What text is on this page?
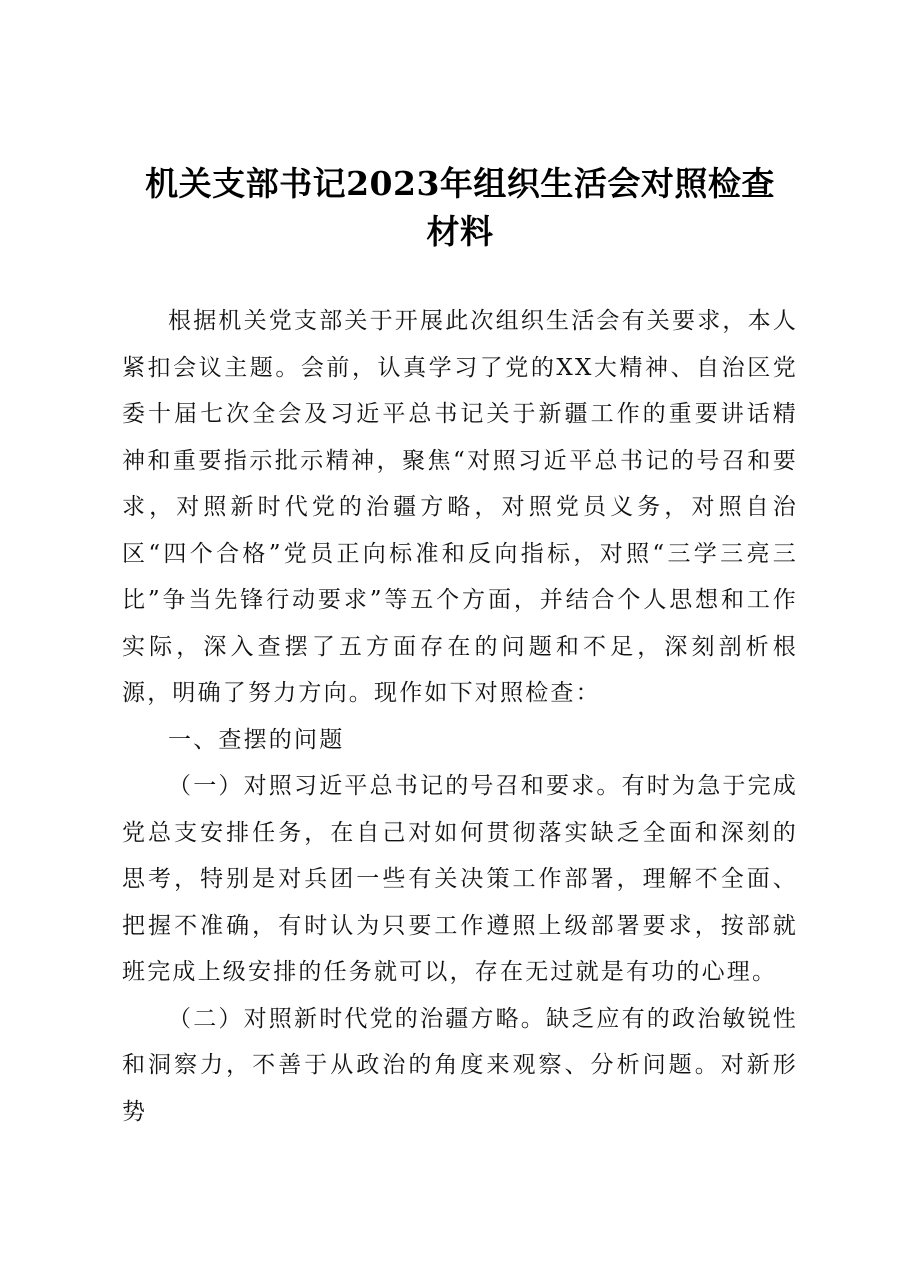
机关支部书记2023年组织生活会对照检查材料

根据机关党支部关于开展此次组织生活会有关要求，本人紧扣会议主题。会前，认真学习了党的XX大精神、自治区党委十届七次全会及习近平总书记关于新疆工作的重要讲话精神和重要指示批示精神，聚焦“对照习近平总书记的号召和要求，对照新时代党的治疆方略，对照党员义务，对照自治区“四个合格”党员正向标准和反向指标，对照“三学三亮三比”争当先锋行动要求”等五个方面，并结合个人思想和工作实际，深入查摆了五方面存在的问题和不足，深刻剖析根源，明确了努力方向。现作如下对照检查：

一、查摆的问题

（一）对照习近平总书记的号召和要求。有时为急于完成党总支安排任务，在自己对如何贯彻落实缺乏全面和深刻的思考，特别是对兵团一些有关决策工作部署，理解不全面、把握不准确，有时认为只要工作遵照上级部署要求，按部就班完成上级安排的任务就可以，存在无过就是有功的心理。

（二）对照新时代党的治疆方略。缺乏应有的政治敏锐性和洞察力，不善于从政治的角度来观察、分析问题。对新形势
